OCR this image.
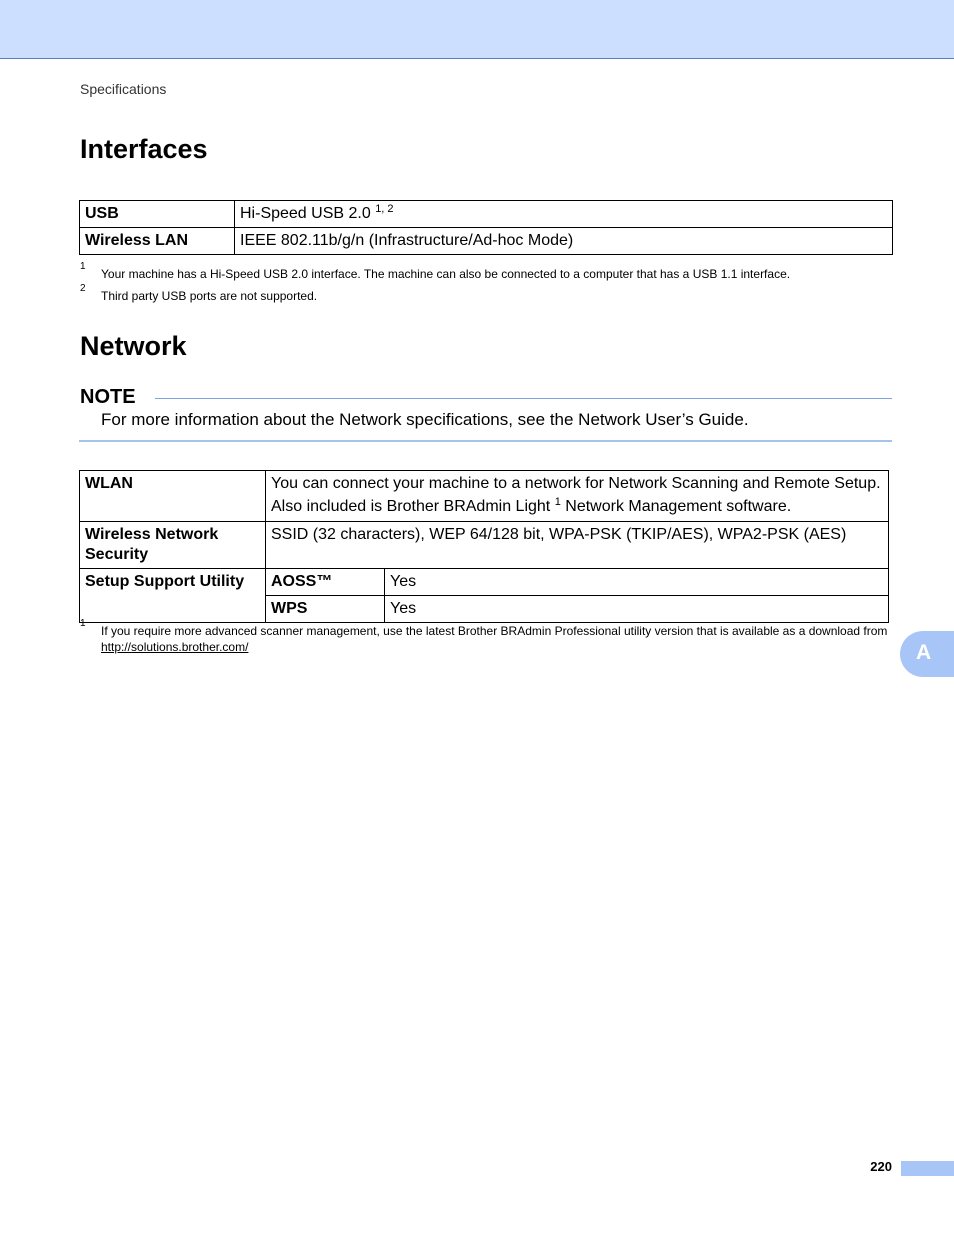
Specifications
Interfaces
USB	Hi-Speed USB 2.0 $^{1, 2}$
Wireless LAN	IEEE 802.11b/g/n (Infrastructure/Ad-hoc Mode)
1
Your machine has a Hi-Speed USB 2.0 interface. The machine can also be connected to a computer that has a USB 1.1 interface.
2
Third party USB ports are not supported.
Network
NOTE
For more information about the Network specifications, see the Network User’s Guide.
WLAN	You can connect your machine to a network for Network Scanning and Remote Setup.
Also included is Brother BRAdmin Light $^1$ Network Management software.	
Wireless Network Security	SSID (32 characters), WEP 64/128 bit, WPA-PSK (TKIP/AES), WPA2-PSK (AES)	
Setup Support Utility	AOSS™	Yes
	WPS	Yes
1
If you require more advanced scanner management, use the latest Brother BRAdmin Professional utility version that is available as a download from http://solutions.brother.com/	A
220
